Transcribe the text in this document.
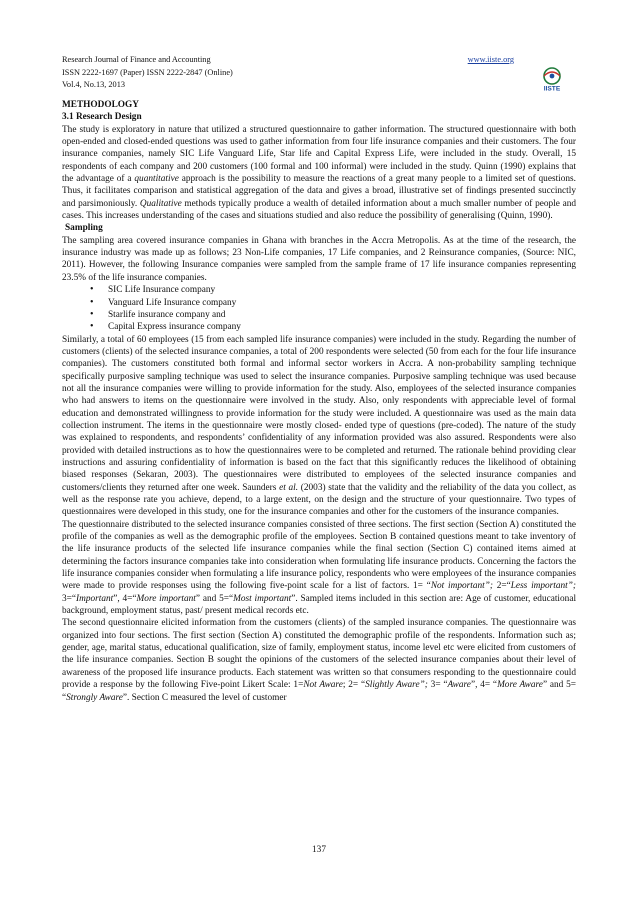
Research Journal of Finance and Accounting	www.iiste.org
ISSN 2222-1697 (Paper) ISSN 2222-2847 (Online)
Vol.4, No.13, 2013	IISTE

METHODOLOGY

3.1 Research Design

The study is exploratory in nature that utilized a structured questionnaire to gather information. The structured questionnaire with both open-ended and closed-ended questions was used to gather information from four life insurance companies and their customers. The four insurance companies, namely SIC Life Vanguard Life, Star life and Capital Express Life, were included in the study. Overall, 15 respondents of each company and 200 customers (100 formal and 100 informal) were included in the study. Quinn (1990) explains that the advantage of a quantitative approach is the possibility to measure the reactions of a great many people to a limited set of questions. Thus, it facilitates comparison and statistical aggregation of the data and gives a broad, illustrative set of findings presented succinctly and parsimoniously. Qualitative methods typically produce a wealth of detailed information about a much smaller number of people and cases. This increases understanding of the cases and situations studied and also reduce the possibility of generalising (Quinn, 1990).

Sampling

The sampling area covered insurance companies in Ghana with branches in the Accra Metropolis. As at the time of the research, the insurance industry was made up as follows; 23 Non-Life companies, 17 Life companies, and 2 Reinsurance companies, (Source: NIC, 2011). However, the following Insurance companies were sampled from the sample frame of 17 life insurance companies representing 23.5% of the life insurance companies.

• SIC Life Insurance company
• Vanguard Life Insurance company
• Starlife insurance company and
• Capital Express insurance company

Similarly, a total of 60 employees (15 from each sampled life insurance companies) were included in the study. Regarding the number of customers (clients) of the selected insurance companies, a total of 200 respondents were selected (50 from each for the four life insurance companies). The customers constituted both formal and informal sector workers in Accra. A non-probability sampling technique specifically purposive sampling technique was used to select the insurance companies. Purposive sampling technique was used because not all the insurance companies were willing to provide information for the study. Also, employees of the selected insurance companies who had answers to items on the questionnaire were involved in the study. Also, only respondents with appreciable level of formal education and demonstrated willingness to provide information for the study were included. A questionnaire was used as the main data collection instrument. The items in the questionnaire were mostly closed- ended type of questions (pre-coded). The nature of the study was explained to respondents, and respondents’ confidentiality of any information provided was also assured. Respondents were also provided with detailed instructions as to how the questionnaires were to be completed and returned. The rationale behind providing clear instructions and assuring confidentiality of information is based on the fact that this significantly reduces the likelihood of obtaining biased responses (Sekaran, 2003). The questionnaires were distributed to employees of the selected insurance companies and customers/clients they returned after one week. Saunders et al. (2003) state that the validity and the reliability of the data you collect, as well as the response rate you achieve, depend, to a large extent, on the design and the structure of your questionnaire. Two types of questionnaires were developed in this study, one for the insurance companies and other for the customers of the insurance companies.

The questionnaire distributed to the selected insurance companies consisted of three sections. The first section (Section A) constituted the profile of the companies as well as the demographic profile of the employees. Section B contained questions meant to take inventory of the life insurance products of the selected life insurance companies while the final section (Section C) contained items aimed at determining the factors insurance companies take into consideration when formulating life insurance products. Concerning the factors the life insurance companies consider when formulating a life insurance policy, respondents who were employees of the insurance companies were made to provide responses using the following five-point scale for a list of factors. 1= “Not important”; 2=“Less important”; 3=“Important”, 4=“More important” and 5=“Most important”. Sampled items included in this section are: Age of customer, educational background, employment status, past/ present medical records etc.

The second questionnaire elicited information from the customers (clients) of the sampled insurance companies. The questionnaire was organized into four sections. The first section (Section A) constituted the demographic profile of the respondents. Information such as; gender, age, marital status, educational qualification, size of family, employment status, income level etc were elicited from customers of the life insurance companies. Section B sought the opinions of the customers of the selected insurance companies about their level of awareness of the proposed life insurance products. Each statement was written so that consumers responding to the questionnaire could provide a response by the following Five-point Likert Scale: 1=Not Aware; 2= “Slightly Aware”; 3= “Aware”, 4= “More Aware” and 5= “Strongly Aware”. Section C measured the level of customer

137
